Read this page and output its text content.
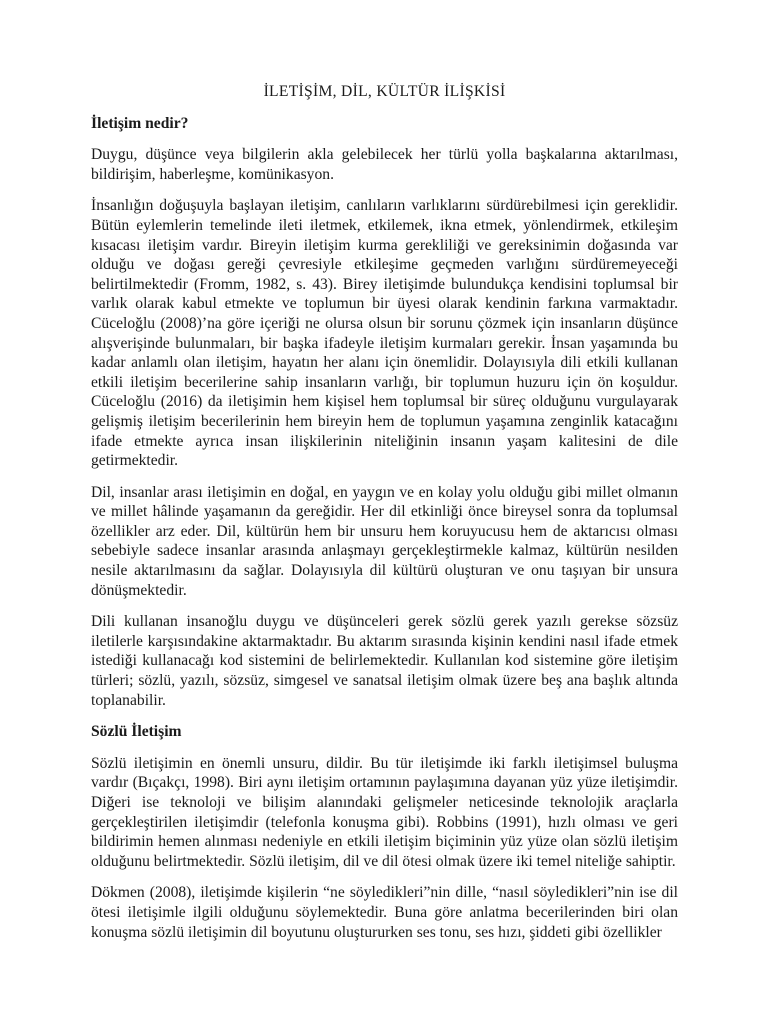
İLETİŞİM, DİL, KÜLTÜR İLİŞKİSİ
İletişim nedir?

Duygu, düşünce veya bilgilerin akla gelebilecek her türlü yolla başkalarına aktarılması, bildirişim, haberleşme, komünikasyon.

İnsanlığın doğuşuyla başlayan iletişim, canlıların varlıklarını sürdürebilmesi için gereklidir. Bütün eylemlerin temelinde ileti iletmek, etkilemek, ikna etmek, yönlendirmek, etkileşim kısacası iletişim vardır. Bireyin iletişim kurma gerekliliği ve gereksinimin doğasında var olduğu ve doğası gereği çevresiyle etkileşime geçmeden varlığını sürdüremeyeceği belirtilmektedir (Fromm, 1982, s. 43). Birey iletişimde bulundukça kendisini toplumsal bir varlık olarak kabul etmekte ve toplumun bir üyesi olarak kendinin farkına varmaktadır. Cüceloğlu (2008)’na göre içeriği ne olursa olsun bir sorunu çözmek için insanların düşünce alışverişinde bulunmaları, bir başka ifadeyle iletişim kurmaları gerekir. İnsan yaşamında bu kadar anlamlı olan iletişim, hayatın her alanı için önemlidir. Dolayısıyla dili etkili kullanan etkili iletişim becerilerine sahip insanların varlığı, bir toplumun huzuru için ön koşuldur. Cüceloğlu (2016) da iletişimin hem kişisel hem toplumsal bir süreç olduğunu vurgulayarak gelişmiş iletişim becerilerinin hem bireyin hem de toplumun yaşamına zenginlik katacağını ifade etmekte ayrıca insan ilişkilerinin niteliğinin insanın yaşam kalitesini de dile getirmektedir.

Dil, insanlar arası iletişimin en doğal, en yaygın ve en kolay yolu olduğu gibi millet olmanın ve millet hâlinde yaşamanın da gereğidir. Her dil etkinliği önce bireysel sonra da toplumsal özellikler arz eder. Dil, kültürün hem bir unsuru hem koruyucusu hem de aktarıcısı olması sebebiyle sadece insanlar arasında anlaşmayı gerçekleştirmekle kalmaz, kültürün nesilden nesile aktarılmasını da sağlar. Dolayısıyla dil kültürü oluşturan ve onu taşıyan bir unsura dönüşmektedir.

Dili kullanan insanoğlu duygu ve düşünceleri gerek sözlü gerek yazılı gerekse sözsüz iletilerle karşısındakine aktarmaktadır. Bu aktarım sırasında kişinin kendini nasıl ifade etmek istediği kullanacağı kod sistemini de belirlemektedir. Kullanılan kod sistemine göre iletişim türleri; sözlü, yazılı, sözsüz, simgesel ve sanatsal iletişim olmak üzere beş ana başlık altında toplanabilir.

Sözlü İletişim

Sözlü iletişimin en önemli unsuru, dildir. Bu tür iletişimde iki farklı iletişimsel buluşma vardır (Bıçakçı, 1998). Biri aynı iletişim ortamının paylaşımına dayanan yüz yüze iletişimdir. Diğeri ise teknoloji ve bilişim alanındaki gelişmeler neticesinde teknolojik araçlarla gerçekleştirilen iletişimdir (telefonla konuşma gibi). Robbins (1991), hızlı olması ve geri bildirimin hemen alınması nedeniyle en etkili iletişim biçiminin yüz yüze olan sözlü iletişim olduğunu belirtmektedir. Sözlü iletişim, dil ve dil ötesi olmak üzere iki temel niteliğe sahiptir.

Dökmen (2008), iletişimde kişilerin “ne söyledikleri”nin dille, “nasıl söyledikleri”nin ise dil ötesi iletişimle ilgili olduğunu söylemektedir. Buna göre anlatma becerilerinden biri olan konuşma sözlü iletişimin dil boyutunu oluştururken ses tonu, ses hızı, şiddeti gibi özellikler
